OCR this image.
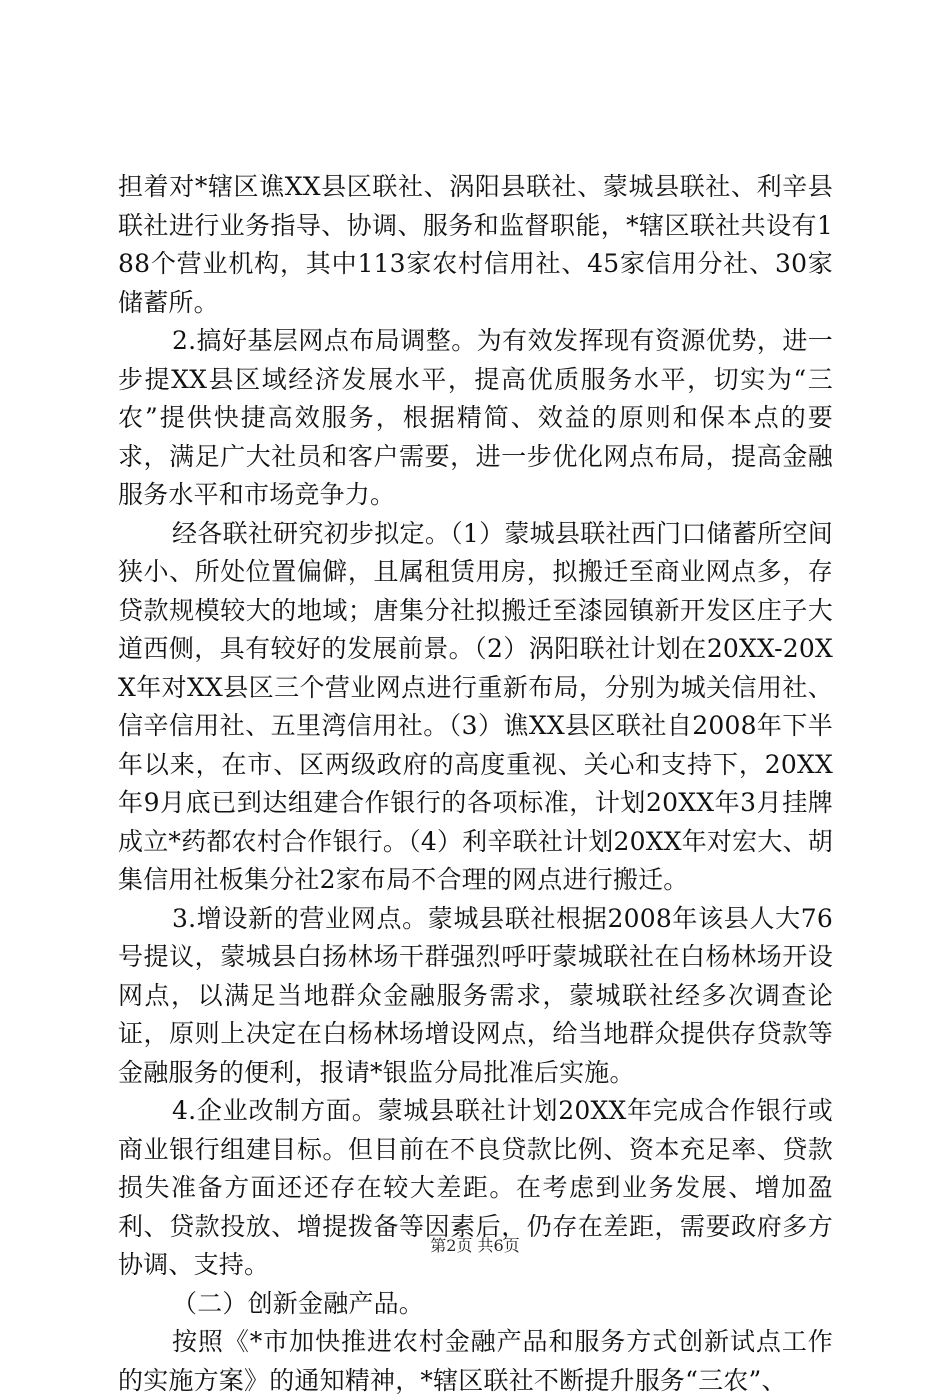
担着对*辖区谯XX县区联社、涡阳县联社、蒙城县联社、利辛县联社进行业务指导、协调、服务和监督职能，*辖区联社共设有188个营业机构，其中113家农村信用社、45家信用分社、30家储蓄所。

2.搞好基层网点布局调整。为有效发挥现有资源优势，进一步提XX县区域经济发展水平，提高优质服务水平，切实为“三农”提供快捷高效服务，根据精简、效益的原则和保本点的要求，满足广大社员和客户需要，进一步优化网点布局，提高金融服务水平和市场竞争力。

经各联社研究初步拟定。（1）蒙城县联社西门口储蓄所空间狭小、所处位置偏僻，且属租赁用房，拟搬迁至商业网点多，存贷款规模较大的地域；唐集分社拟搬迁至漆园镇新开发区庄子大道西侧，具有较好的发展前景。（2）涡阳联社计划在20XX-20XX年对XX县区三个营业网点进行重新布局，分别为城关信用社、信辛信用社、五里湾信用社。（3）谯XX县区联社自2008年下半年以来，在市、区两级政府的高度重视、关心和支持下，20XX年9月底已到达组建合作银行的各项标准，计划20XX年3月挂牌成立*药都农村合作银行。（4）利辛联社计划20XX年对宏大、胡集信用社板集分社2家布局不合理的网点进行搬迁。

3.增设新的营业网点。蒙城县联社根据2008年该县人大76号提议，蒙城县白扬林场干群强烈呼吁蒙城联社在白杨林场开设网点，以满足当地群众金融服务需求，蒙城联社经多次调查论证，原则上决定在白杨林场增设网点，给当地群众提供存贷款等金融服务的便利，报请*银监分局批准后实施。

4.企业改制方面。蒙城县联社计划20XX年完成合作银行或商业银行组建目标。但目前在不良贷款比例、资本充足率、贷款损失准备方面还还存在较大差距。在考虑到业务发展、增加盈利、贷款投放、增提拨备等因素后，仍存在差距，需要政府多方协调、支持。

（二）创新金融产品。

按照《*市加快推进农村金融产品和服务方式创新试点工作的实施方案》的通知精神，*辖区联社不断提升服务“三农”、

第2页 共6页
